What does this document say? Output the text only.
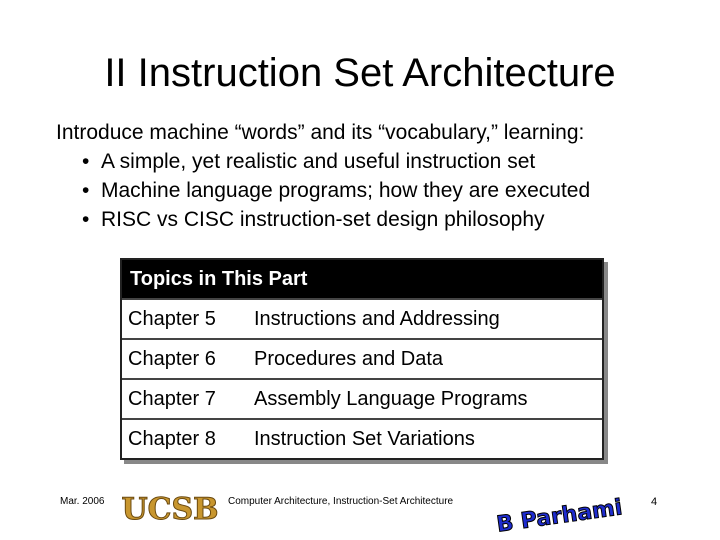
II Instruction Set Architecture
Introduce machine “words” and its “vocabulary,” learning:
• A simple, yet realistic and useful instruction set
• Machine language programs; how they are executed
• RISC vs CISC instruction-set design philosophy
Topics in This Part
Chapter 5 Instructions and Addressing
Chapter 6 Procedures and Data
Chapter 7 Assembly Language Programs
Chapter 8 Instruction Set Variations
Mar. 2006 UCSB Computer Architecture, Instruction-Set Architecture B Parhami 4
